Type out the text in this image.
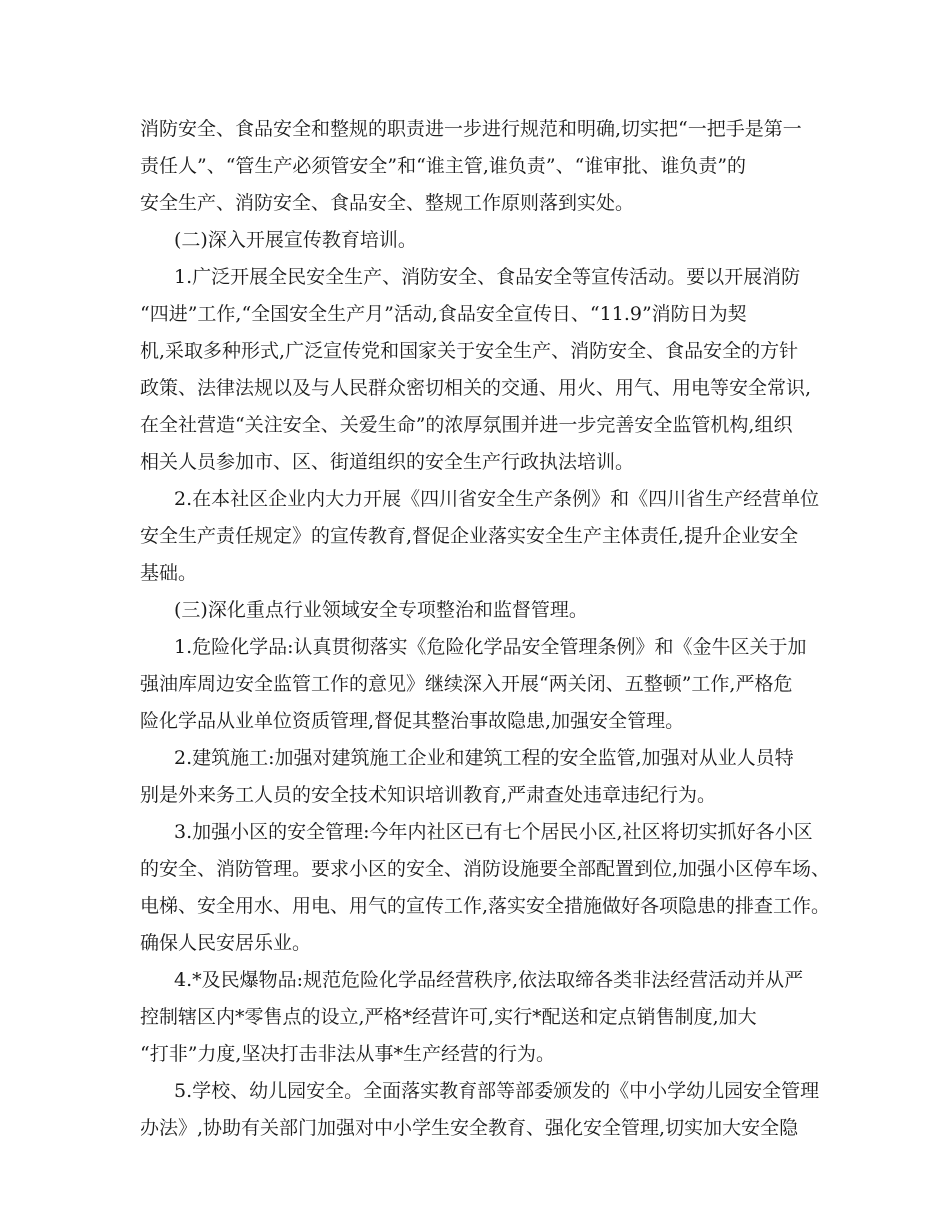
消防安全、食品安全和整规的职责进一步进行规范和明确,切实把“一把手是第一
责任人”、“管生产必须管安全”和“谁主管,谁负责”、“谁审批、谁负责”的
安全生产、消防安全、食品安全、整规工作原则落到实处。
(二)深入开展宣传教育培训。
1.广泛开展全民安全生产、消防安全、食品安全等宣传活动。要以开展消防
“四进”工作,“全国安全生产月”活动,食品安全宣传日、“11.9”消防日为契
机,采取多种形式,广泛宣传党和国家关于安全生产、消防安全、食品安全的方针
政策、法律法规以及与人民群众密切相关的交通、用火、用气、用电等安全常识,
在全社营造“关注安全、关爱生命”的浓厚氛围并进一步完善安全监管机构,组织
相关人员参加市、区、街道组织的安全生产行政执法培训。
2.在本社区企业内大力开展《四川省安全生产条例》和《四川省生产经营单位
安全生产责任规定》的宣传教育,督促企业落实安全生产主体责任,提升企业安全
基础。
(三)深化重点行业领域安全专项整治和监督管理。
1.危险化学品:认真贯彻落实《危险化学品安全管理条例》和《金牛区关于加
强油库周边安全监管工作的意见》继续深入开展“两关闭、五整顿”工作,严格危
险化学品从业单位资质管理,督促其整治事故隐患,加强安全管理。
2.建筑施工:加强对建筑施工企业和建筑工程的安全监管,加强对从业人员特
别是外来务工人员的安全技术知识培训教育,严肃查处违章违纪行为。
3.加强小区的安全管理:今年内社区已有七个居民小区,社区将切实抓好各小区
的安全、消防管理。要求小区的安全、消防设施要全部配置到位,加强小区停车场、
电梯、安全用水、用电、用气的宣传工作,落实安全措施做好各项隐患的排查工作。
确保人民安居乐业。
4.*及民爆物品:规范危险化学品经营秩序,依法取缔各类非法经营活动并从严
控制辖区内*零售点的设立,严格*经营许可,实行*配送和定点销售制度,加大
“打非”力度,坚决打击非法从事*生产经营的行为。
5.学校、幼儿园安全。全面落实教育部等部委颁发的《中小学幼儿园安全管理
办法》,协助有关部门加强对中小学生安全教育、强化安全管理,切实加大安全隐
